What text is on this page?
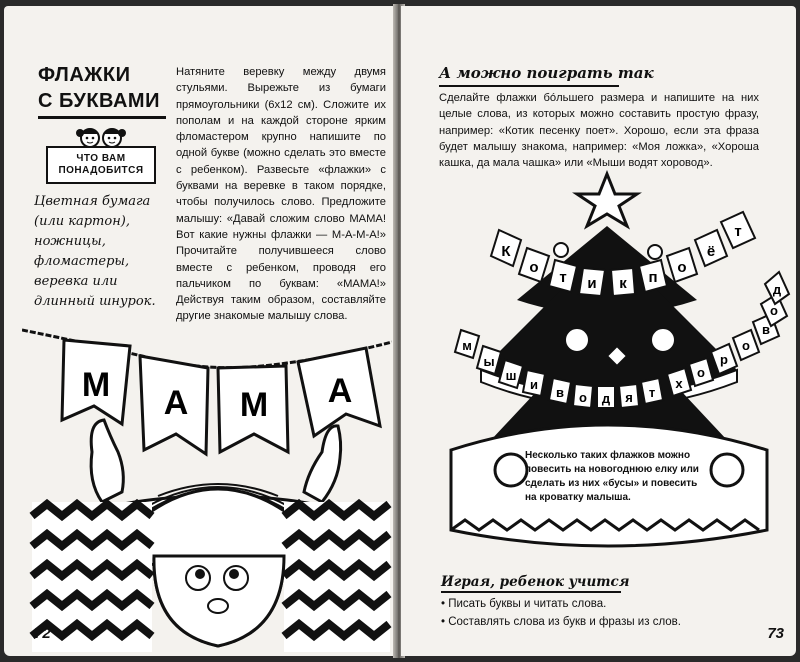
ФЛАЖКИ
С БУКВАМИ
ЧТО ВАМ
ПОНАДОБИТСЯ
Цветная бумага (или картон), ножницы, фломастеры, веревка или длинный шнурок.
Натяните веревку между двумя стульями. Вырежьте из бумаги прямоугольники (6х12 см). Сложите их пополам и на каждой стороне ярким фломастером крупно напишите по одной букве (можно сделать это вместе с ребенком). Развесьте «флажки» с буквами на веревке в таком порядке, чтобы получилось слово. Предложите малышу: «Давай сложим слово МАМА! Вот какие нужны флажки — М-А-М-А!» Прочитайте получившееся слово вместе с ребенком, проводя его пальчиком по буквам: «МАМА!» Действуя таким образом, составляйте другие знакомые малышу слова.
М А М А
72
А можно поиграть так
Сделайте флажки бóльшего размера и напишите на них целые слова, из которых можно составить простую фразу, например: «Котик песенку поет». Хорошо, если эта фраза будет малышу знакома, например: «Моя ложка», «Хороша кашка, да мала чашка» или «Мыши водят хоровод».
К
о
т и к п
о
ё
т
м
ы
ш
и
в о д я т
х
о
р
о
в
о
д
Несколько таких флажков можно повесить на новогоднюю елку или сделать из них «бусы» и повесить на кроватку малыша.
Играя, ребенок учится
• Писать буквы и читать слова.
• Составлять слова из букв и фразы из слов.
73
